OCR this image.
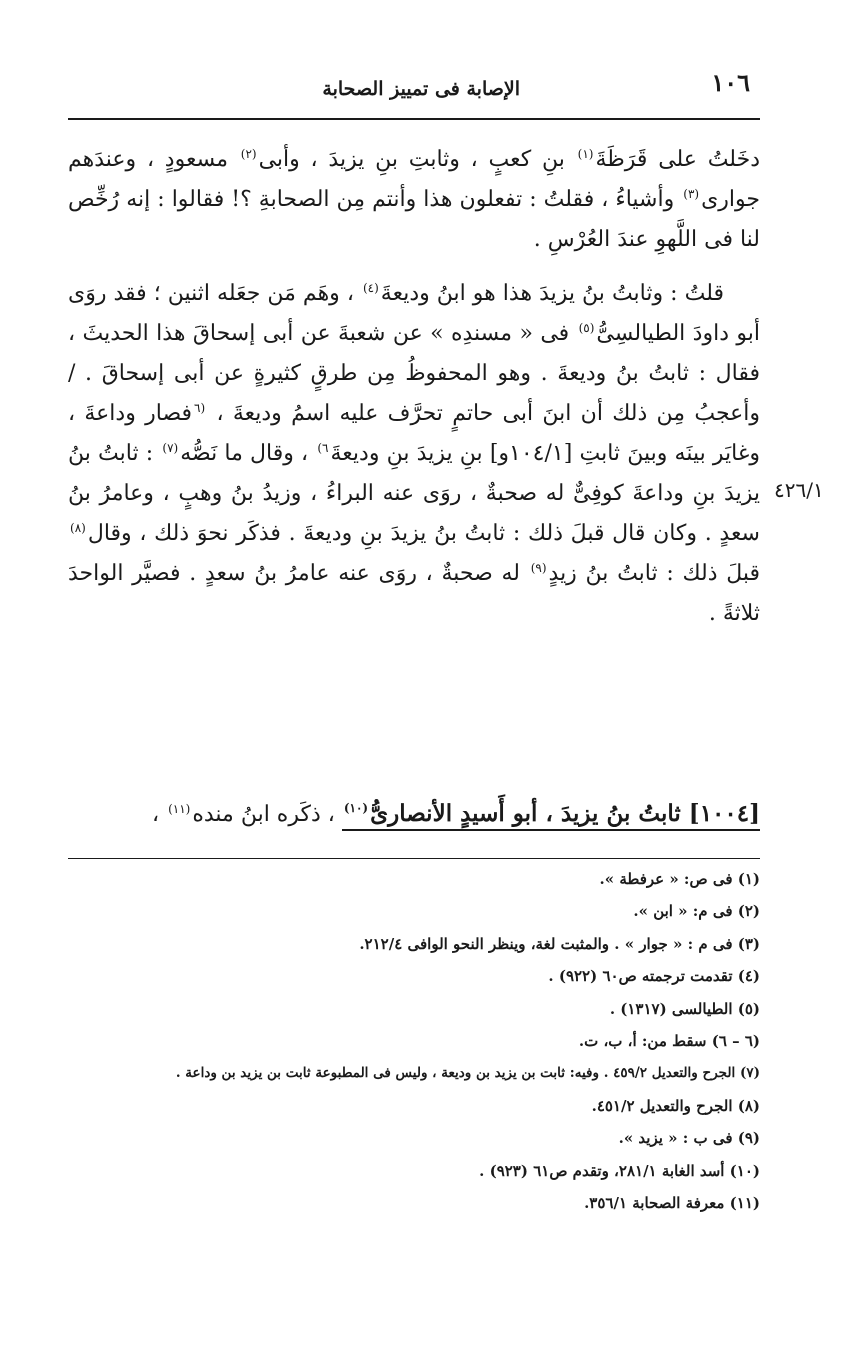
١٠٦
الإصابة فى تمييز الصحابة

دخَلتُ على قَرَظَةَ$^{(١)}$ بنِ كعبٍ ، وثابتِ بنِ يزيدَ ، وأبى$^{(٢)}$ مسعودٍ ، وعندَهم جوارى$^{(٣)}$ وأشياءُ ، فقلتُ : تفعلون هذا وأنتم مِن الصحابةِ ؟! فقالوا : إنه رُخِّص لنا فى اللَّهوِ عندَ العُرْسِ .

قلتُ : وثابتُ بنُ يزيدَ هذا هو ابنُ وديعةَ$^{(٤)}$ ، وهَم مَن جعَله اثنين ؛ فقد روَى أبو داودَ الطيالسِىُّ$^{(٥)}$ فى « مسندِه » عن شعبةَ عن أبى إسحاقَ هذا الحديثَ ، فقال : ثابتُ بنُ وديعةَ . وهو المحفوظُ مِن طرقٍ كثيرةٍ عن أبى إسحاقَ . / وأعجبُ مِن ذلك أن ابنَ أبى حاتمٍ تحرَّف عليه اسمُ وديعةَ ، $^{(٦}$فصار وداعةَ ، وغايَر بينَه وبينَ ثابتِ [١٠٤/١و] بنِ يزيدَ بنِ وديعةَ$^{٦)}$ ، وقال ما نَصُّه$^{(٧)}$ : ثابتُ بنُ يزيدَ بنِ وداعةَ كوفِىٌّ له صحبةٌ ، روَى عنه البراءُ ، وزيدُ بنُ وهبٍ ، وعامرُ بنُ سعدٍ . وكان قال قبلَ ذلك : ثابتُ بنُ يزيدَ بنِ وديعةَ . فذكَر نحوَ ذلك ، وقال$^{(٨)}$ قبلَ ذلك : ثابتُ بنُ زيدٍ$^{(٩)}$ له صحبةٌ ، روَى عنه عامرُ بنُ سعدٍ . فصيَّر الواحدَ ثلاثةً .

٤٢٦/١
[١٠٠٤] ثابتُ بنُ يزيدَ ، أبو أَسيدٍ الأنصارىُّ$^{(١٠)}$ ، ذكَره ابنُ منده$^{(١١)}$ ،
(١) فى ص: « عرفطة ».
(٢) فى م: « ابن ».
(٣) فى م : « جوار » . والمثبت لغة، وينظر النحو الوافى ٢١٢/٤.
(٤) تقدمت ترجمته ص٦٠ (٩٢٢) .
(٥) الطيالسى (١٣١٧) .
(٦ – ٦) سقط من: أ، ب، ت.
(٧) الجرح والتعديل ٤٥٩/٢ . وفيه: ثابت بن يزيد بن وديعة ، وليس فى المطبوعة ثابت بن يزيد بن وداعة .
(٨) الجرح والتعديل ٤٥١/٢.
(٩) فى ب : « يزيد ».
(١٠) أسد الغابة ٢٨١/١، وتقدم ص٦١ (٩٢٣) .
(١١) معرفة الصحابة ٣٥٦/١.
